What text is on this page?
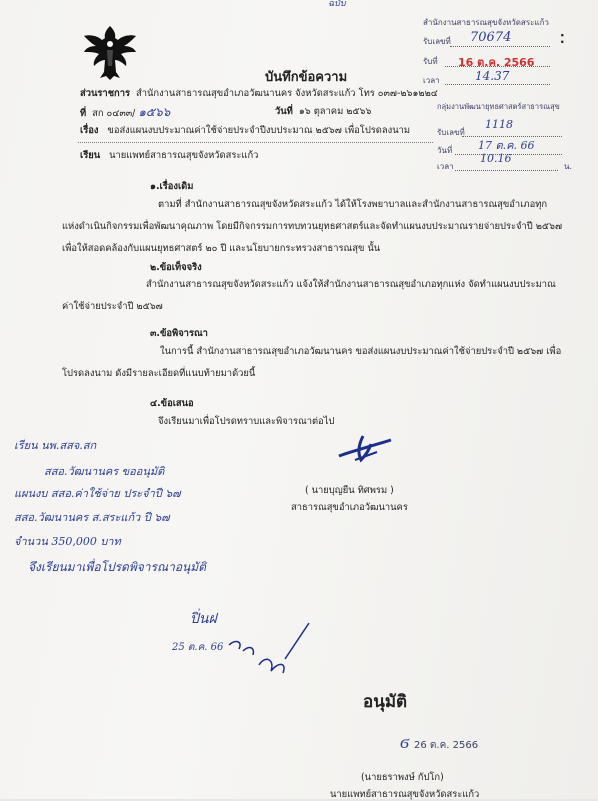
ฉบับ
บันทึกข้อความ
สำนักงานสาธารณสุขจังหวัดสระแก้ว
รับเลขที่ 70674	⁚
รับที่ 16 ต.ค. 2566
เวลา	14.37
ส่วนราชการ สำนักงานสาธารณสุขอำเภอวัฒนานคร จังหวัดสระแก้ว โทร ๐๓๗-๒๖๑๒๒๔
ที่ สก ๐๔๓๓/ ๑๕๖๖	วันที่ ๑๖ ตุลาคม ๒๕๖๖	กลุ่มงานพัฒนายุทธศาสตร์สาธารณสุข
รับเลขที่
1118
วันที่ 17 ต.ค. 66
เวลา
10.16
น.
เรื่อง ขอส่งแผนงบประมาณค่าใช้จ่ายประจำปีงบประมาณ ๒๕๖๗ เพื่อโปรดลงนาม
เรียน นายแพทย์สาธารณสุขจังหวัดสระแก้ว
๑.เรื่องเดิม
ตามที่ สำนักงานสาธารณสุขจังหวัดสระแก้ว ได้ให้โรงพยาบาลและสำนักงานสาธารณสุขอำเภอทุกแห่งดำเนินกิจกรรมเพื่อพัฒนาคุณภาพ โดยมีกิจกรรมการทบทวนยุทธศาสตร์และจัดทำแผนงบประมาณรายจ่ายประจำปี ๒๕๖๗ เพื่อให้สอดคล้องกับแผนยุทธศาสตร์ ๒๐ ปี และนโยบายกระทรวงสาธารณสุข นั้น
๒.ข้อเท็จจริง
สำนักงานสาธารณสุขจังหวัดสระแก้ว แจ้งให้สำนักงานสาธารณสุขอำเภอทุกแห่ง จัดทำแผนงบประมาณค่าใช้จ่ายประจำปี ๒๕๖๗
๓.ข้อพิจารณา
ในการนี้ สำนักงานสาธารณสุขอำเภอวัฒนานคร ขอส่งแผนงบประมาณค่าใช้จ่ายประจำปี ๒๕๖๗ เพื่อโปรดลงนาม ดังมีรายละเอียดที่แนบท้ายมาด้วยนี้
๔.ข้อเสนอ
จึงเรียนมาเพื่อโปรดทราบและพิจารณาต่อไป
( นายบุญยืน ทิศพรม )
สาธารณสุขอำเภอวัฒนานคร
เรียน นพ.สสจ.สก
สสอ.วัฒนานคร ขออนุมัติ
แผนงบ สสอ.ค่าใช้จ่าย ประจำปี ๖๗
สสอ.วัฒนานคร ส.สระแก้ว ปี ๖๗
จำนวน 350,000 บาท
จึงเรียนมาเพื่อโปรดพิจารณาอนุมัติ
ปิ่นฝ
25 ต.ค. 66
อนุมัติ
ϭ 26 ต.ค. 2566
(นายธราพงษ์ กัปโก)
นายแพทย์สาธารณสุขจังหวัดสระแก้ว
